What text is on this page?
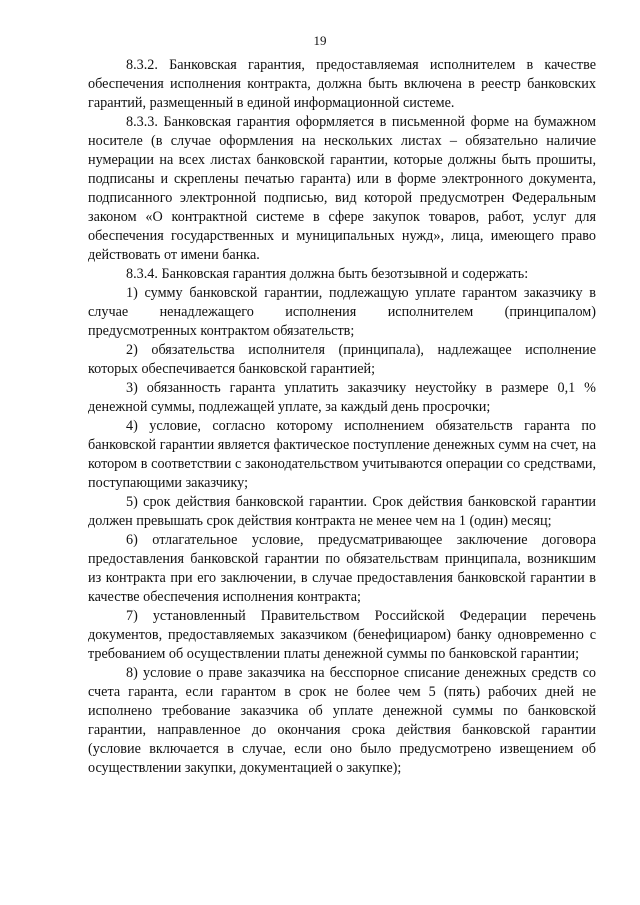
19

8.3.2. Банковская гарантия, предоставляемая исполнителем в качестве обеспечения исполнения контракта, должна быть включена в реестр банковских гарантий, размещенный в единой информационной системе.

8.3.3. Банковская гарантия оформляется в письменной форме на бумажном носителе (в случае оформления на нескольких листах – обязательно наличие нумерации на всех листах банковской гарантии, которые должны быть прошиты, подписаны и скреплены печатью гаранта) или в форме электронного документа, подписанного электронной подписью, вид которой предусмотрен Федеральным законом «О контрактной системе в сфере закупок товаров, работ, услуг для обеспечения государственных и муниципальных нужд», лица, имеющего право действовать от имени банка.

8.3.4. Банковская гарантия должна быть безотзывной и содержать:

1) сумму банковской гарантии, подлежащую уплате гарантом заказчику в случае ненадлежащего исполнения исполнителем (принципалом) предусмотренных контрактом обязательств;

2) обязательства исполнителя (принципала), надлежащее исполнение которых обеспечивается банковской гарантией;

3) обязанность гаранта уплатить заказчику неустойку в размере 0,1 % денежной суммы, подлежащей уплате, за каждый день просрочки;

4) условие, согласно которому исполнением обязательств гаранта по банковской гарантии является фактическое поступление денежных сумм на счет, на котором в соответствии с законодательством учитываются операции со средствами, поступающими заказчику;

5) срок действия банковской гарантии. Срок действия банковской гарантии должен превышать срок действия контракта не менее чем на 1 (один) месяц;

6) отлагательное условие, предусматривающее заключение договора предоставления банковской гарантии по обязательствам принципала, возникшим из контракта при его заключении, в случае предоставления банковской гарантии в качестве обеспечения исполнения контракта;

7) установленный Правительством Российской Федерации перечень документов, предоставляемых заказчиком (бенефициаром) банку одновременно с требованием об осуществлении платы денежной суммы по банковской гарантии;

8) условие о праве заказчика на бесспорное списание денежных средств со счета гаранта, если гарантом в срок не более чем 5 (пять) рабочих дней не исполнено требование заказчика об уплате денежной суммы по банковской гарантии, направленное до окончания срока действия банковской гарантии (условие включается в случае, если оно было предусмотрено извещением об осуществлении закупки, документацией о закупке);
